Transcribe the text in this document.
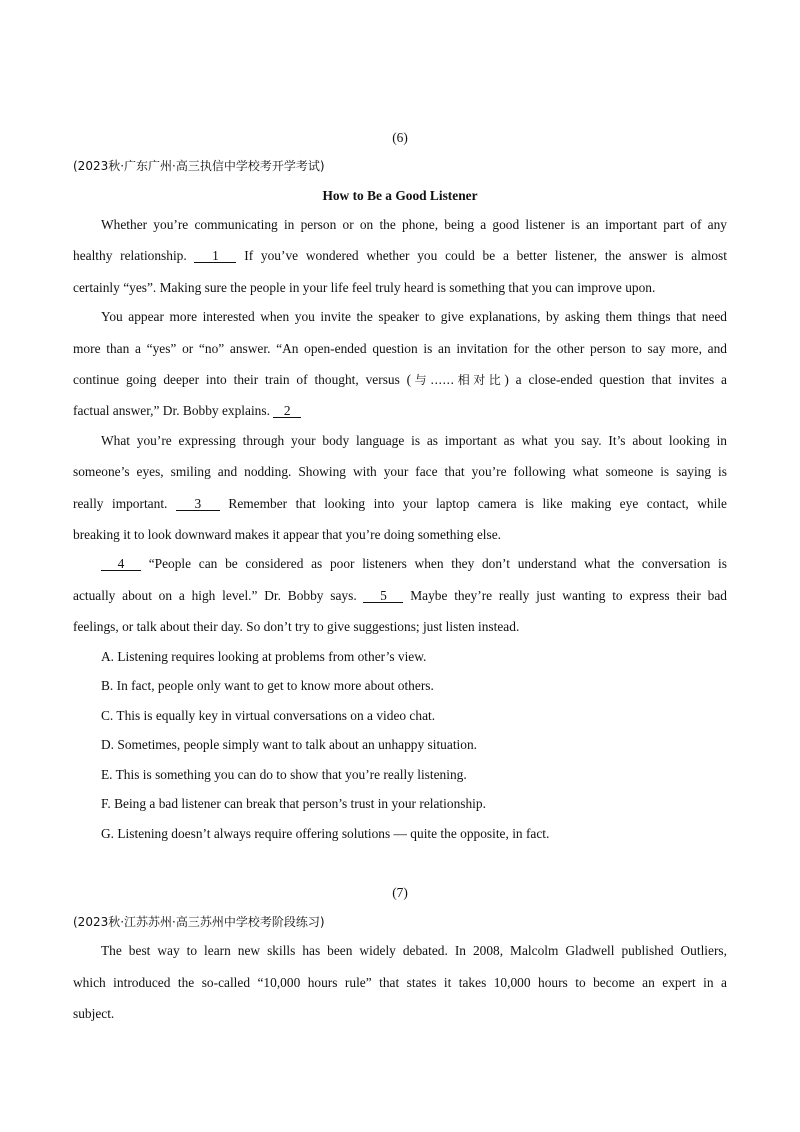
(6)
(2023秋·广东广州·高三执信中学校考开学考试)
How to Be a Good Listener
Whether you’re communicating in person or on the phone, being a good listener is an important part of any
healthy relationship. 1 If you’ve wondered whether you could be a better listener, the answer is almost
certainly “yes”. Making sure the people in your life feel truly heard is something that you can improve upon.
You appear more interested when you invite the speaker to give explanations, by asking them things that need
more than a “yes” or “no” answer. “An open-ended question is an invitation for the other person to say more, and
continue going deeper into their train of thought, versus (与……相对比) a close-ended question that invites a
factual answer,” Dr. Bobby explains. 2
What you’re expressing through your body language is as important as what you say. It’s about looking in
someone’s eyes, smiling and nodding. Showing with your face that you’re following what someone is saying is
really important. 3 Remember that looking into your laptop camera is like making eye contact, while
breaking it to look downward makes it appear that you’re doing something else.
4 “People can be considered as poor listeners when they don’t understand what the conversation is
actually about on a high level.” Dr. Bobby says. 5 Maybe they’re really just wanting to express their bad
feelings, or talk about their day. So don’t try to give suggestions; just listen instead.
A. Listening requires looking at problems from other’s view.
B. In fact, people only want to get to know more about others.
C. This is equally key in virtual conversations on a video chat.
D. Sometimes, people simply want to talk about an unhappy situation.
E. This is something you can do to show that you’re really listening.
F. Being a bad listener can break that person’s trust in your relationship.
G. Listening doesn’t always require offering solutions — quite the opposite, in fact.
(7)
(2023秋·江苏苏州·高三苏州中学校考阶段练习)
The best way to learn new skills has been widely debated. In 2008, Malcolm Gladwell published Outliers,
which introduced the so-called “10,000 hours rule” that states it takes 10,000 hours to become an expert in a
subject.
